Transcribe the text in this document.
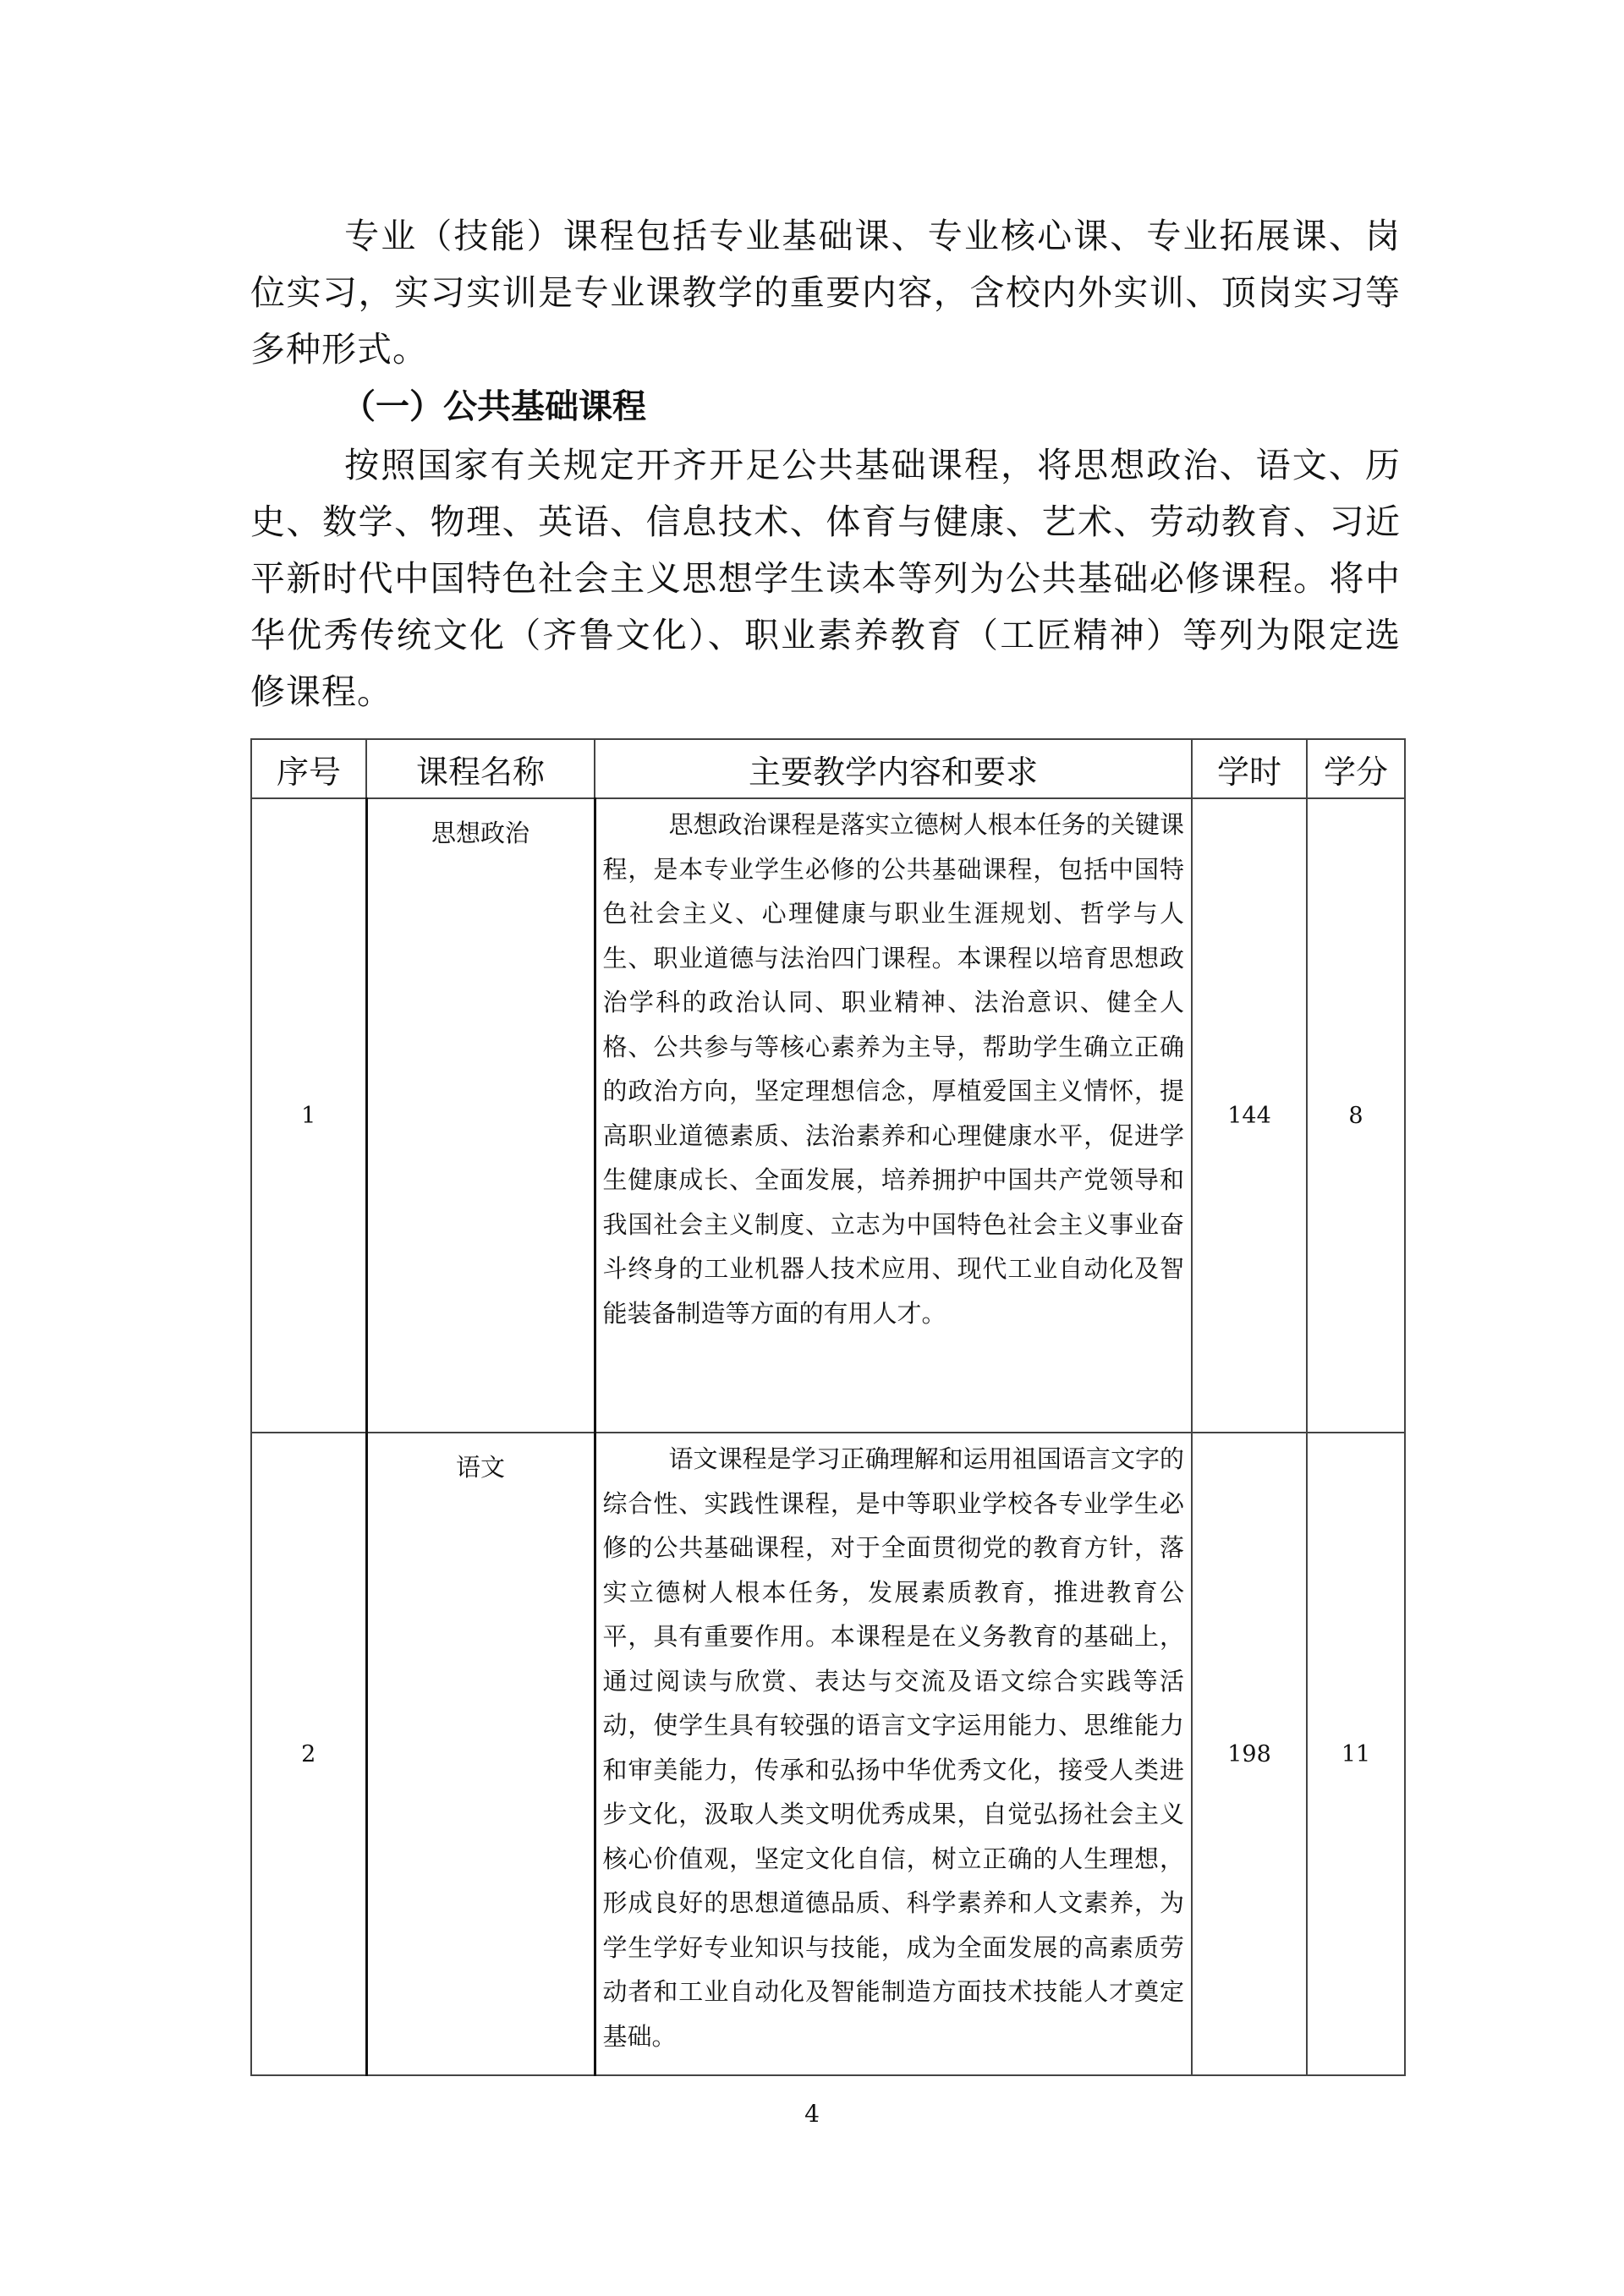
专业（技能）课程包括专业基础课、专业核心课、专业拓展课、岗位实习，实习实训是专业课教学的重要内容，含校内外实训、顶岗实习等多种形式。

（一）公共基础课程

按照国家有关规定开齐开足公共基础课程，将思想政治、语文、历史、数学、物理、英语、信息技术、体育与健康、艺术、劳动教育、习近平新时代中国特色社会主义思想学生读本等列为公共基础必修课程。将中华优秀传统文化（齐鲁文化）、职业素养教育（工匠精神）等列为限定选修课程。

序号	课程名称	主要教学内容和要求	学时	学分
1	思想政治	思想政治课程是落实立德树人根本任务的关键课程，是本专业学生必修的公共基础课程，包括中国特色社会主义、心理健康与职业生涯规划、哲学与人生、职业道德与法治四门课程。本课程以培育思想政治学科的政治认同、职业精神、法治意识、健全人格、公共参与等核心素养为主导，帮助学生确立正确的政治方向，坚定理想信念，厚植爱国主义情怀，提高职业道德素质、法治素养和心理健康水平，促进学生健康成长、全面发展，培养拥护中国共产党领导和我国社会主义制度、立志为中国特色社会主义事业奋斗终身的工业机器人技术应用、现代工业自动化及智能装备制造等方面的有用人才。	144	8
2	语文	语文课程是学习正确理解和运用祖国语言文字的综合性、实践性课程，是中等职业学校各专业学生必修的公共基础课程，对于全面贯彻党的教育方针，落实立德树人根本任务，发展素质教育，推进教育公平，具有重要作用。本课程是在义务教育的基础上，通过阅读与欣赏、表达与交流及语文综合实践等活动，使学生具有较强的语言文字运用能力、思维能力和审美能力，传承和弘扬中华优秀文化，接受人类进步文化，汲取人类文明优秀成果，自觉弘扬社会主义核心价值观，坚定文化自信，树立正确的人生理想，形成良好的思想道德品质、科学素养和人文素养，为学生学好专业知识与技能，成为全面发展的高素质劳动者和工业自动化及智能制造方面技术技能人才奠定基础。	198	11
4
